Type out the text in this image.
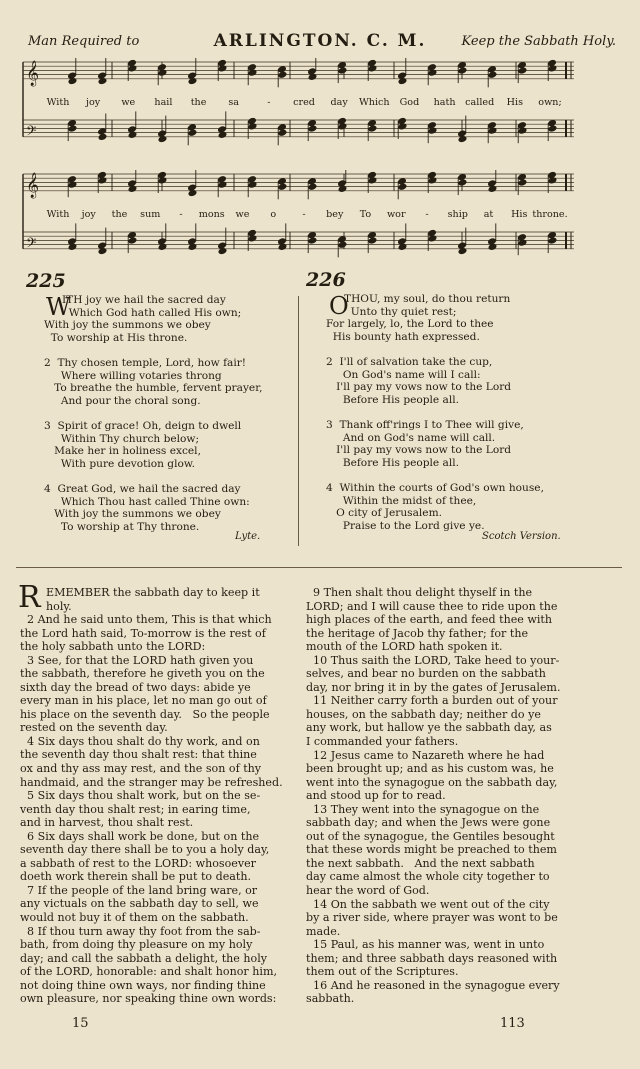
Man Required to	ARLINGTON. C. M.	Keep the Sabbath Holy.
𝄞
𝄢
With joy we hail the sa	- cred day Which God hath called His own;
𝄞
𝄢
With joy the sum - mons we o	- bey To wor - ship at His throne.
225
W
ITH joy we hail the sacred day
Which God hath called His own;
With joy the summons we obey
To worship at His throne.
2  Thy chosen temple, Lord, how fair!
Where willing votaries throng
To breathe the humble, fervent prayer,
And pour the choral song.
3  Spirit of grace! Oh, deign to dwell
Within Thy church below;
Make her in holiness excel,
With pure devotion glow.
4  Great God, we hail the sacred day
Which Thou hast called Thine own:
With joy the summons we obey
To worship at Thy throne.
Lyte.
226
O
THOU, my soul, do thou return
Unto thy quiet rest;
For largely, lo, the Lord to thee
His bounty hath expressed.
2  I'll of salvation take the cup,
On God's name will I call:
I'll pay my vows now to the Lord
Before His people all.
3  Thank off'rings I to Thee will give,
And on God's name will call.
I'll pay my vows now to the Lord
Before His people all.
4  Within the courts of God's own house,
Within the midst of thee,
O city of Jerusalem.
Praise to the Lord give ye.
Scotch Version.
R EMEMBER the sabbath day to keep it
holy.
2 And he said unto them, This is that which
the Lord hath said, To-morrow is the rest of
the holy sabbath unto the LORD:
3 See, for that the LORD hath given you
the sabbath, therefore he giveth you on the
sixth day the bread of two days: abide ye
every man in his place, let no man go out of
his place on the seventh day.   So the people
rested on the seventh day.
4 Six days thou shalt do thy work, and on
the seventh day thou shalt rest: that thine
ox and thy ass may rest, and the son of thy
handmaid, and the stranger may be refreshed.
5 Six days thou shalt work, but on the se-
venth day thou shalt rest; in earing time,
and in harvest, thou shalt rest.
6 Six days shall work be done, but on the
seventh day there shall be to you a holy day,
a sabbath of rest to the LORD: whosoever
doeth work therein shall be put to death.
7 If the people of the land bring ware, or
any victuals on the sabbath day to sell, we
would not buy it of them on the sabbath.
8 If thou turn away thy foot from the sab-
bath, from doing thy pleasure on my holy
day; and call the sabbath a delight, the holy
of the LORD, honorable: and shalt honor him,
not doing thine own ways, nor finding thine
own pleasure, nor speaking thine own words:
9 Then shalt thou delight thyself in the
LORD; and I will cause thee to ride upon the
high places of the earth, and feed thee with
the heritage of Jacob thy father; for the
mouth of the LORD hath spoken it.
10 Thus saith the LORD, Take heed to your-
selves, and bear no burden on the sabbath
day, nor bring it in by the gates of Jerusalem.
11 Neither carry forth a burden out of your
houses, on the sabbath day; neither do ye
any work, but hallow ye the sabbath day, as
I commanded your fathers.
12 Jesus came to Nazareth where he had
been brought up; and as his custom was, he
went into the synagogue on the sabbath day,
and stood up for to read.
13 They went into the synagogue on the
sabbath day; and when the Jews were gone
out of the synagogue, the Gentiles besought
that these words might be preached to them
the next sabbath.   And the next sabbath
day came almost the whole city together to
hear the word of God.
14 On the sabbath we went out of the city
by a river side, where prayer was wont to be
made.
15 Paul, as his manner was, went in unto
them; and three sabbath days reasoned with
them out of the Scriptures.
16 And he reasoned in the synagogue every
sabbath.
15	113
